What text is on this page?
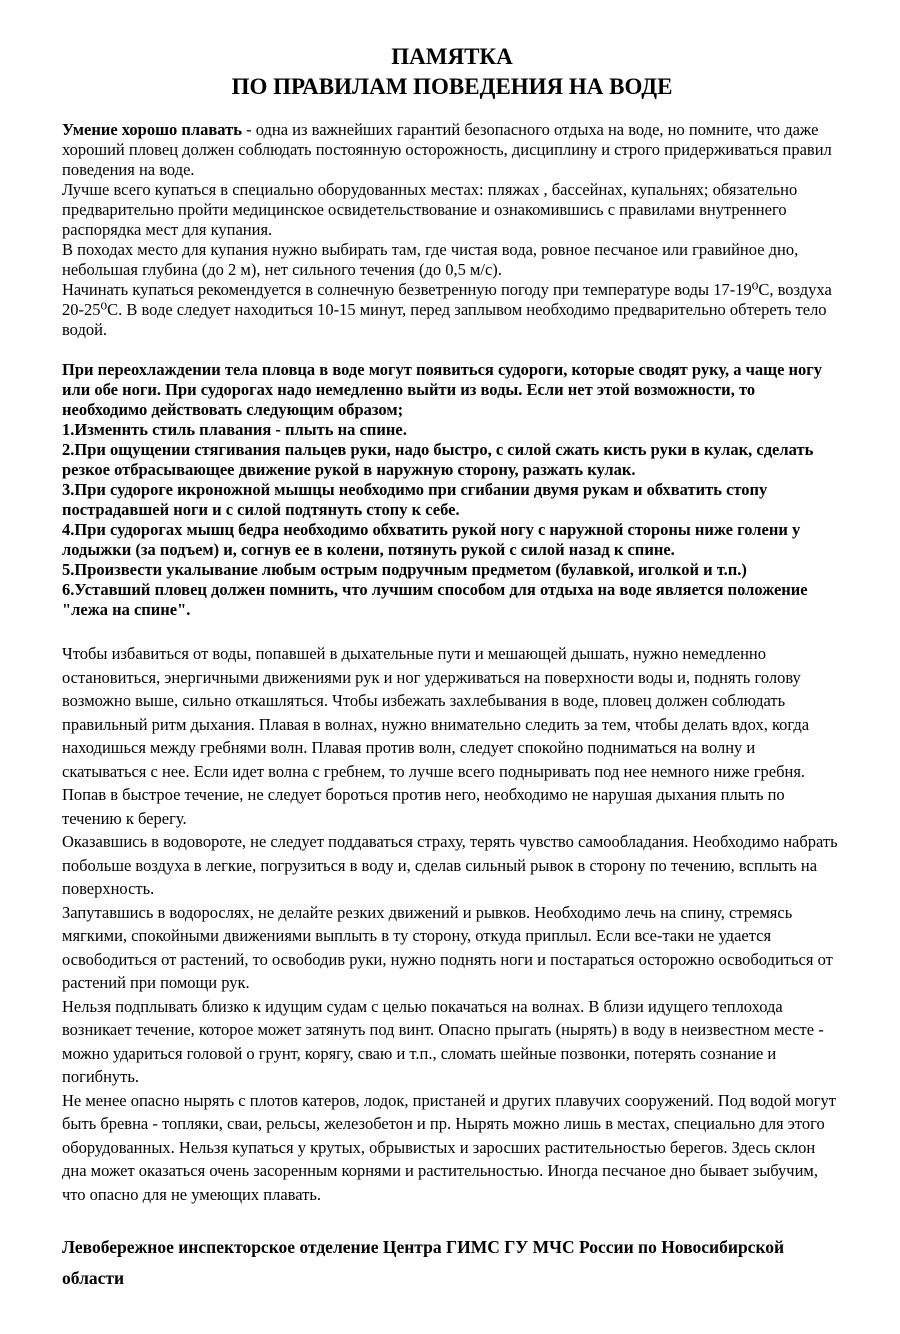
ПАМЯТКА
ПО ПРАВИЛАМ ПОВЕДЕНИЯ НА ВОДЕ

Умение хорошо плавать - одна из важнейших гарантий безопасного отдыха на воде, но помните, что даже хороший пловец должен соблюдать постоянную осторожность, дисциплину и строго придерживаться правил поведения на воде.

Лучше всего купаться в специально оборудованных местах: пляжах , бассейнах, купальнях; обязательно предварительно пройти медицинское освидетельствование и ознакомившись с правилами внутреннего распорядка мест для купания.

В походах место для купания нужно выбирать там, где чистая вода, ровное песчаное или гравийное дно, небольшая глубина (до 2 м), нет сильного течения (до 0,5 м/с).

Начинать купаться рекомендуется в солнечную безветренную погоду при температуре воды 17-19⁰С, воздуха 20-25⁰С. В воде следует находиться 10-15 минут, перед заплывом необходимо предварительно обтереть тело водой.

При переохлаждении тела пловца в воде могут появиться судороги, которые сводят руку, а чаще ногу или обе ноги. При судорогах надо немедленно выйти из воды. Если нет этой возможности, то необходимо действовать следующим образом;

1.Изменнть стиль плавания - плыть на спине.

2.При ощущении стягивания пальцев руки, надо быстро, с силой сжать кисть руки в кулак, сделать резкое отбрасывающее движение рукой в наружную сторону, разжать кулак.

3.При судороге икроножной мышцы необходимо при сгибании двумя рукам и обхватить стопу пострадавшей ноги и с силой подтянуть стопу к себе.

4.При судорогах мышц бедра необходимо обхватить рукой ногу с наружной стороны ниже голени у лодыжки (за подъем) и, согнув ее в колени, потянуть рукой с силой назад к спине.

5.Произвести укалывание любым острым подручным предметом (булавкой, иголкой и т.п.)

6.Уставший пловец должен помнить, что лучшим способом для отдыха на воде является положение "лежа на спине".

Чтобы избавиться от воды, попавшей в дыхательные пути и мешающей дышать, нужно немедленно остановиться, энергичными движениями рук и ног удерживаться на поверхности воды и, поднять голову возможно выше, сильно откашляться. Чтобы избежать захлебывания в воде, пловец должен соблюдать правильный ритм дыхания. Плавая в волнах, нужно внимательно следить за тем, чтобы делать вдох, когда находишься между гребнями волн. Плавая против волн, следует спокойно подниматься на волну и скатываться с нее. Если идет волна с гребнем, то лучше всего подныривать под нее немного ниже гребня.

Попав в быстрое течение, не следует бороться против него, необходимо не нарушая дыхания плыть по течению к берегу.

Оказавшись в водовороте, не следует поддаваться страху, терять чувство самообладания. Необходимо набрать побольше воздуха в легкие, погрузиться в воду и, сделав сильный рывок в сторону по течению, всплыть на поверхность.

Запутавшись в водорослях, не делайте резких движений и рывков. Необходимо лечь на спину, стремясь мягкими, спокойными движениями выплыть в ту сторону, откуда приплыл. Если все-таки не удается освободиться от растений, то освободив руки, нужно поднять ноги и постараться осторожно освободиться от растений при помощи рук.

Нельзя подплывать близко к идущим судам с целью покачаться на волнах. В близи идущего теплохода возникает течение, которое может затянуть под винт. Опасно прыгать (нырять) в воду в неизвестном месте - можно удариться головой о грунт, корягу, сваю и т.п., сломать шейные позвонки, потерять сознание и погибнуть.

Не менее опасно нырять с плотов катеров, лодок, пристаней и других плавучих сооружений. Под водой могут быть бревна - топляки, сваи, рельсы, железобетон и пр. Нырять можно лишь в местах, специально для этого оборудованных. Нельзя купаться у крутых, обрывистых и заросших растительностью берегов. Здесь склон дна может оказаться очень засоренным корнями и растительностью. Иногда песчаное дно бывает зыбучим, что опасно для не умеющих плавать.

Левобережное инспекторское отделение Центра ГИМС ГУ МЧС России по Новосибирской области
